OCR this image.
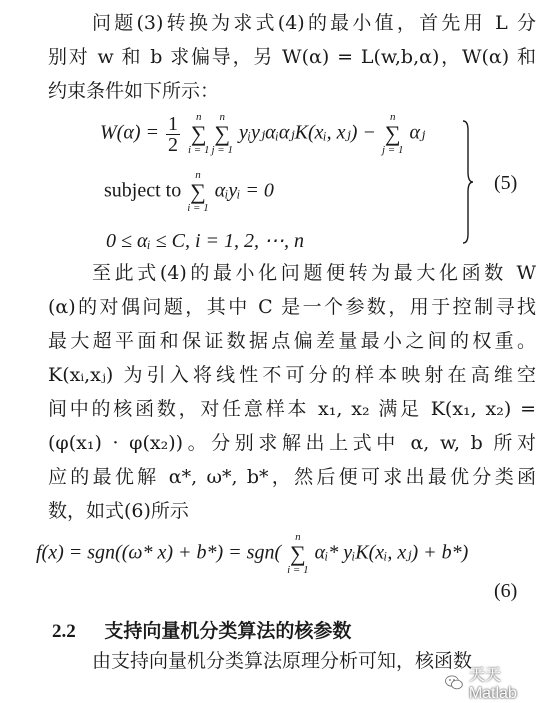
问题(3)转换为求式(4)的最小值，首先用 L 分
别对 w 和 b 求偏导，另 W(α) = L(w,b,α)，W(α) 和
约束条件如下所示：
$W(\alpha) = \frac{1}{2}$
	n
∑
i = 1
n
∑
j = 1
yᵢyⱼαᵢαⱼK(xᵢ, xⱼ) −
n
∑
j = 1
αⱼ
subject to
n
∑
i = 1
αᵢyᵢ = 0
0 ≤ αᵢ ≤ C, i = 1, 2, ⋯, n
(5)
至此式(4)的最小化问题便转为最大化函数 W
(α)的对偶问题，其中 C 是一个参数，用于控制寻找
最大超平面和保证数据点偏差量最小之间的权重。
K(xᵢ,xⱼ) 为引入将线性不可分的样本映射在高维空
间中的核函数，对任意样本 x₁, x₂ 满足 K(x₁, x₂) =
(φ(x₁) · φ(x₂))。分别求解出上式中 α, w, b 所对
应的最优解 α*, ω*, b*，然后便可求出最优分类函
数，如式(6)所示
f(x) = sgn((ω* x) + b*) = sgn(
n
∑
i = 1
αᵢ* yᵢK(xᵢ, xⱼ) + b*)
(6)
2.2 支持向量机分类算法的核参数
由支持向量机分类算法原理分析可知，核函数
天天Matlab
